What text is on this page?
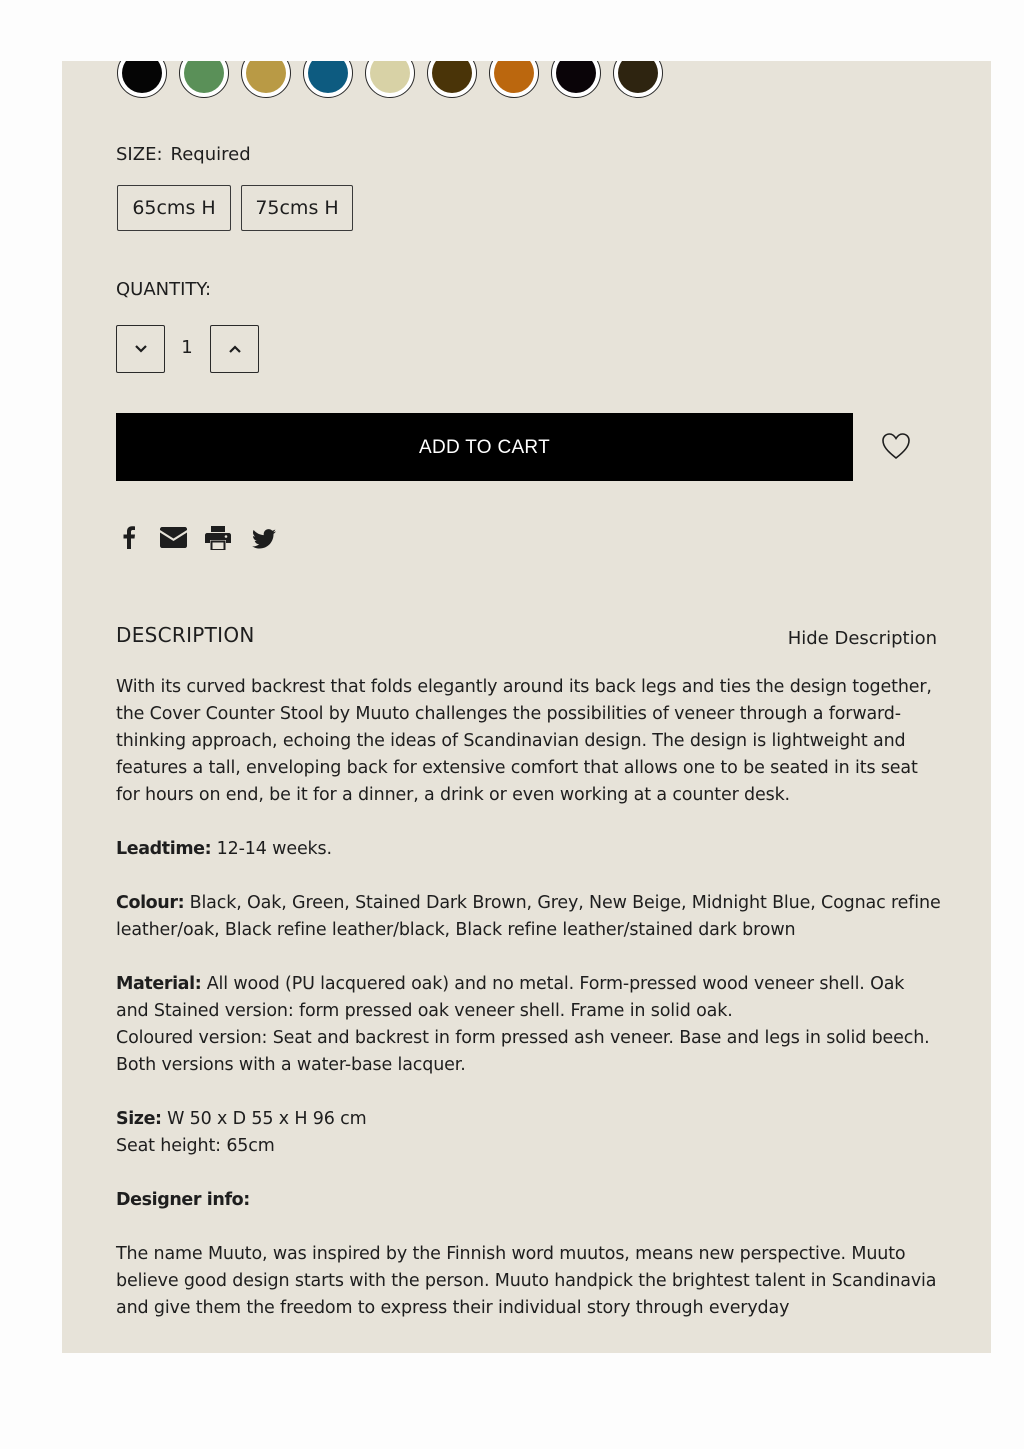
SIZE: Required
65cms H	75cms H
QUANTITY:
1
ADD TO CART
DESCRIPTION	Hide Description

With its curved backrest that folds elegantly around its back legs and ties the design together, the Cover Counter Stool by Muuto challenges the possibilities of veneer through a forward-thinking approach, echoing the ideas of Scandinavian design. The design is lightweight and features a tall, enveloping back for extensive comfort that allows one to be seated in its seat for hours on end, be it for a dinner, a drink or even working at a counter desk.

Leadtime: 12-14 weeks.

Colour: Black, Oak, Green, Stained Dark Brown, Grey, New Beige, Midnight Blue, Cognac refine leather/oak, Black refine leather/black, Black refine leather/stained dark brown

Material: All wood (PU lacquered oak) and no metal. Form-pressed wood veneer shell. Oak and Stained version: form pressed oak veneer shell. Frame in solid oak.
Coloured version: Seat and backrest in form pressed ash veneer. Base and legs in solid beech. Both versions with a water-base lacquer.

Size: W 50 x D 55 x H 96 cm
Seat height: 65cm

Designer info:

The name Muuto, was inspired by the Finnish word muutos, means new perspective. Muuto believe good design starts with the person. Muuto handpick the brightest talent in Scandinavia and give them the freedom to express their individual story through everyday
